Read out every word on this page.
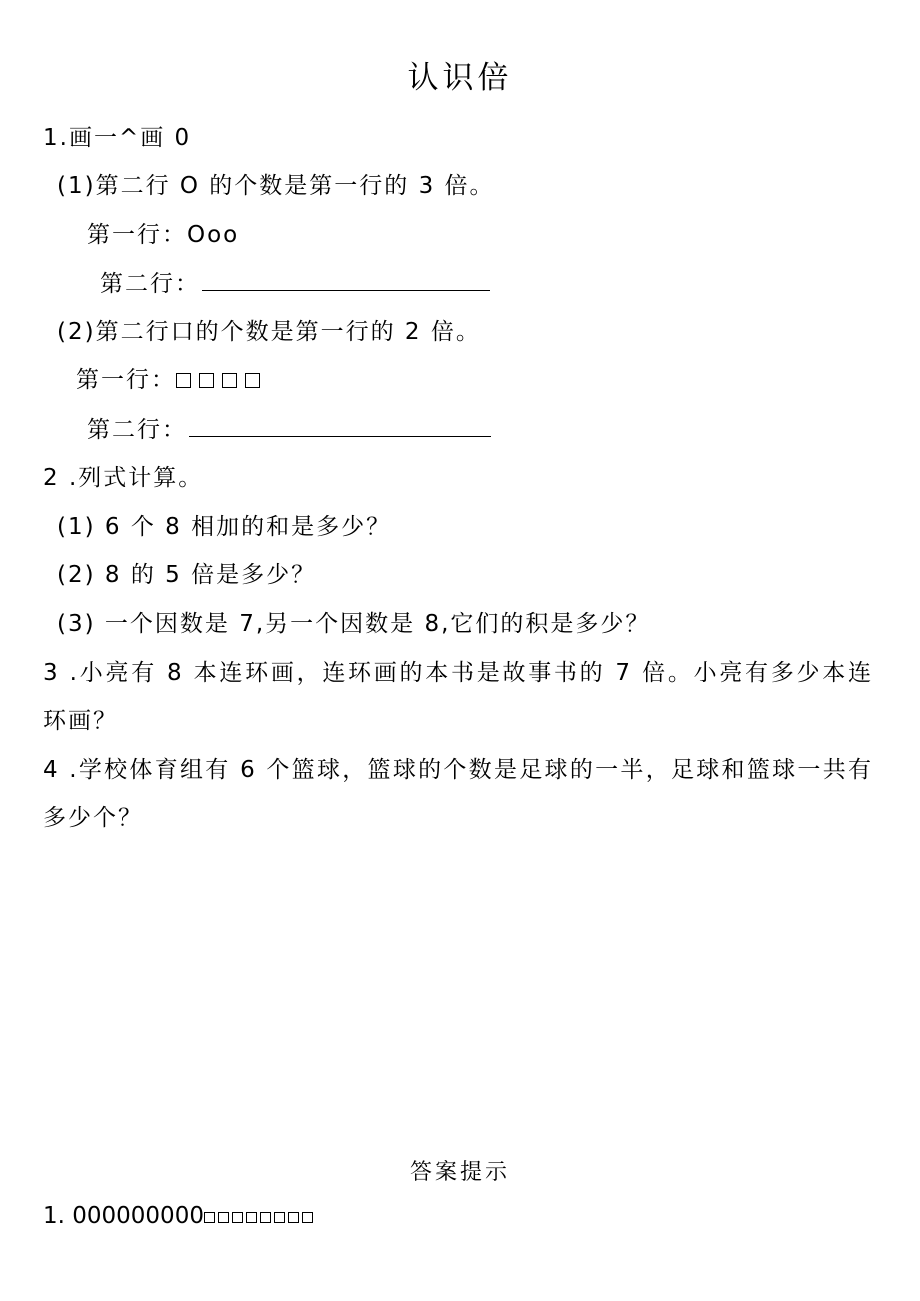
认识倍
1.画一^画 0
(1)第二行 O 的个数是第一行的 3 倍。
第一行：Ooo
第二行：
(2)第二行口的个数是第一行的 2 倍。
第一行：
第二行：
2 .列式计算。
(1) 6 个 8 相加的和是多少？
(2) 8 的 5 倍是多少？
(3) 一个因数是 7,另一个因数是 8,它们的积是多少？
3 .小亮有 8 本连环画，连环画的本书是故事书的 7 倍。小亮有多少本连环画？
4 .学校体育组有 6 个篮球，篮球的个数是足球的一半，足球和篮球一共有多少个？
答案提示
1. 000000000
